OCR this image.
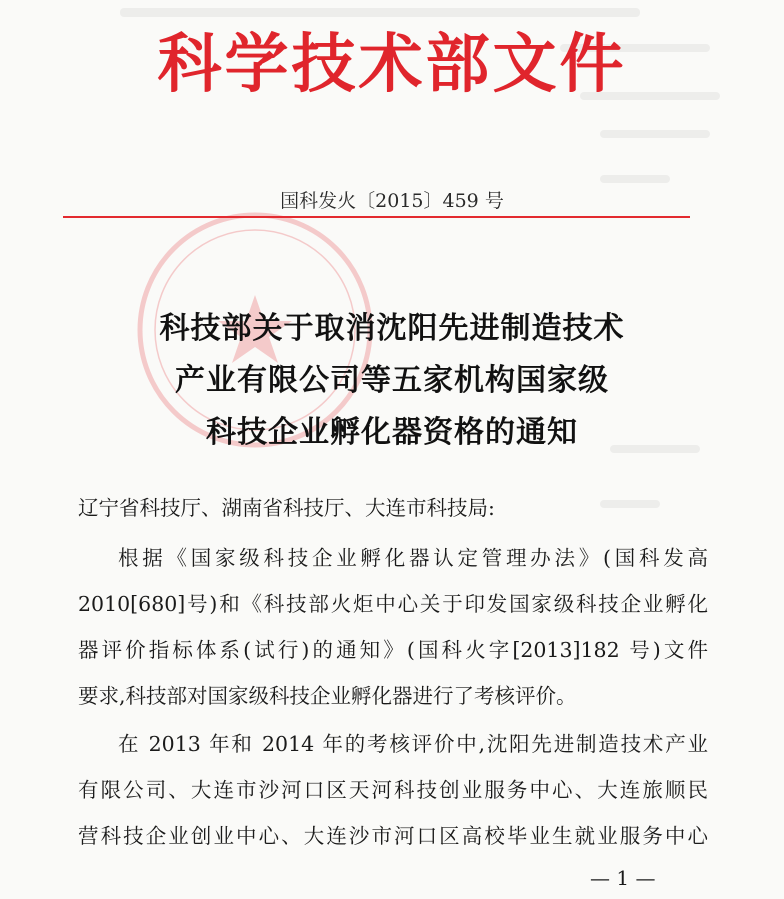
科学技术部文件
国科发火〔2015〕459 号
科技部关于取消沈阳先进制造技术
产业有限公司等五家机构国家级
科技企业孵化器资格的通知
辽宁省科技厅、湖南省科技厅、大连市科技局:
根据《国家级科技企业孵化器认定管理办法》(国科发高
2010[680]号)和《科技部火炬中心关于印发国家级科技企业孵化
器评价指标体系(试行)的通知》(国科火字[2013]182 号)文件
要求,科技部对国家级科技企业孵化器进行了考核评价。
在 2013 年和 2014 年的考核评价中,沈阳先进制造技术产业
有限公司、大连市沙河口区天河科技创业服务中心、大连旅顺民
营科技企业创业中心、大连沙市河口区高校毕业生就业服务中心
— 1 —
